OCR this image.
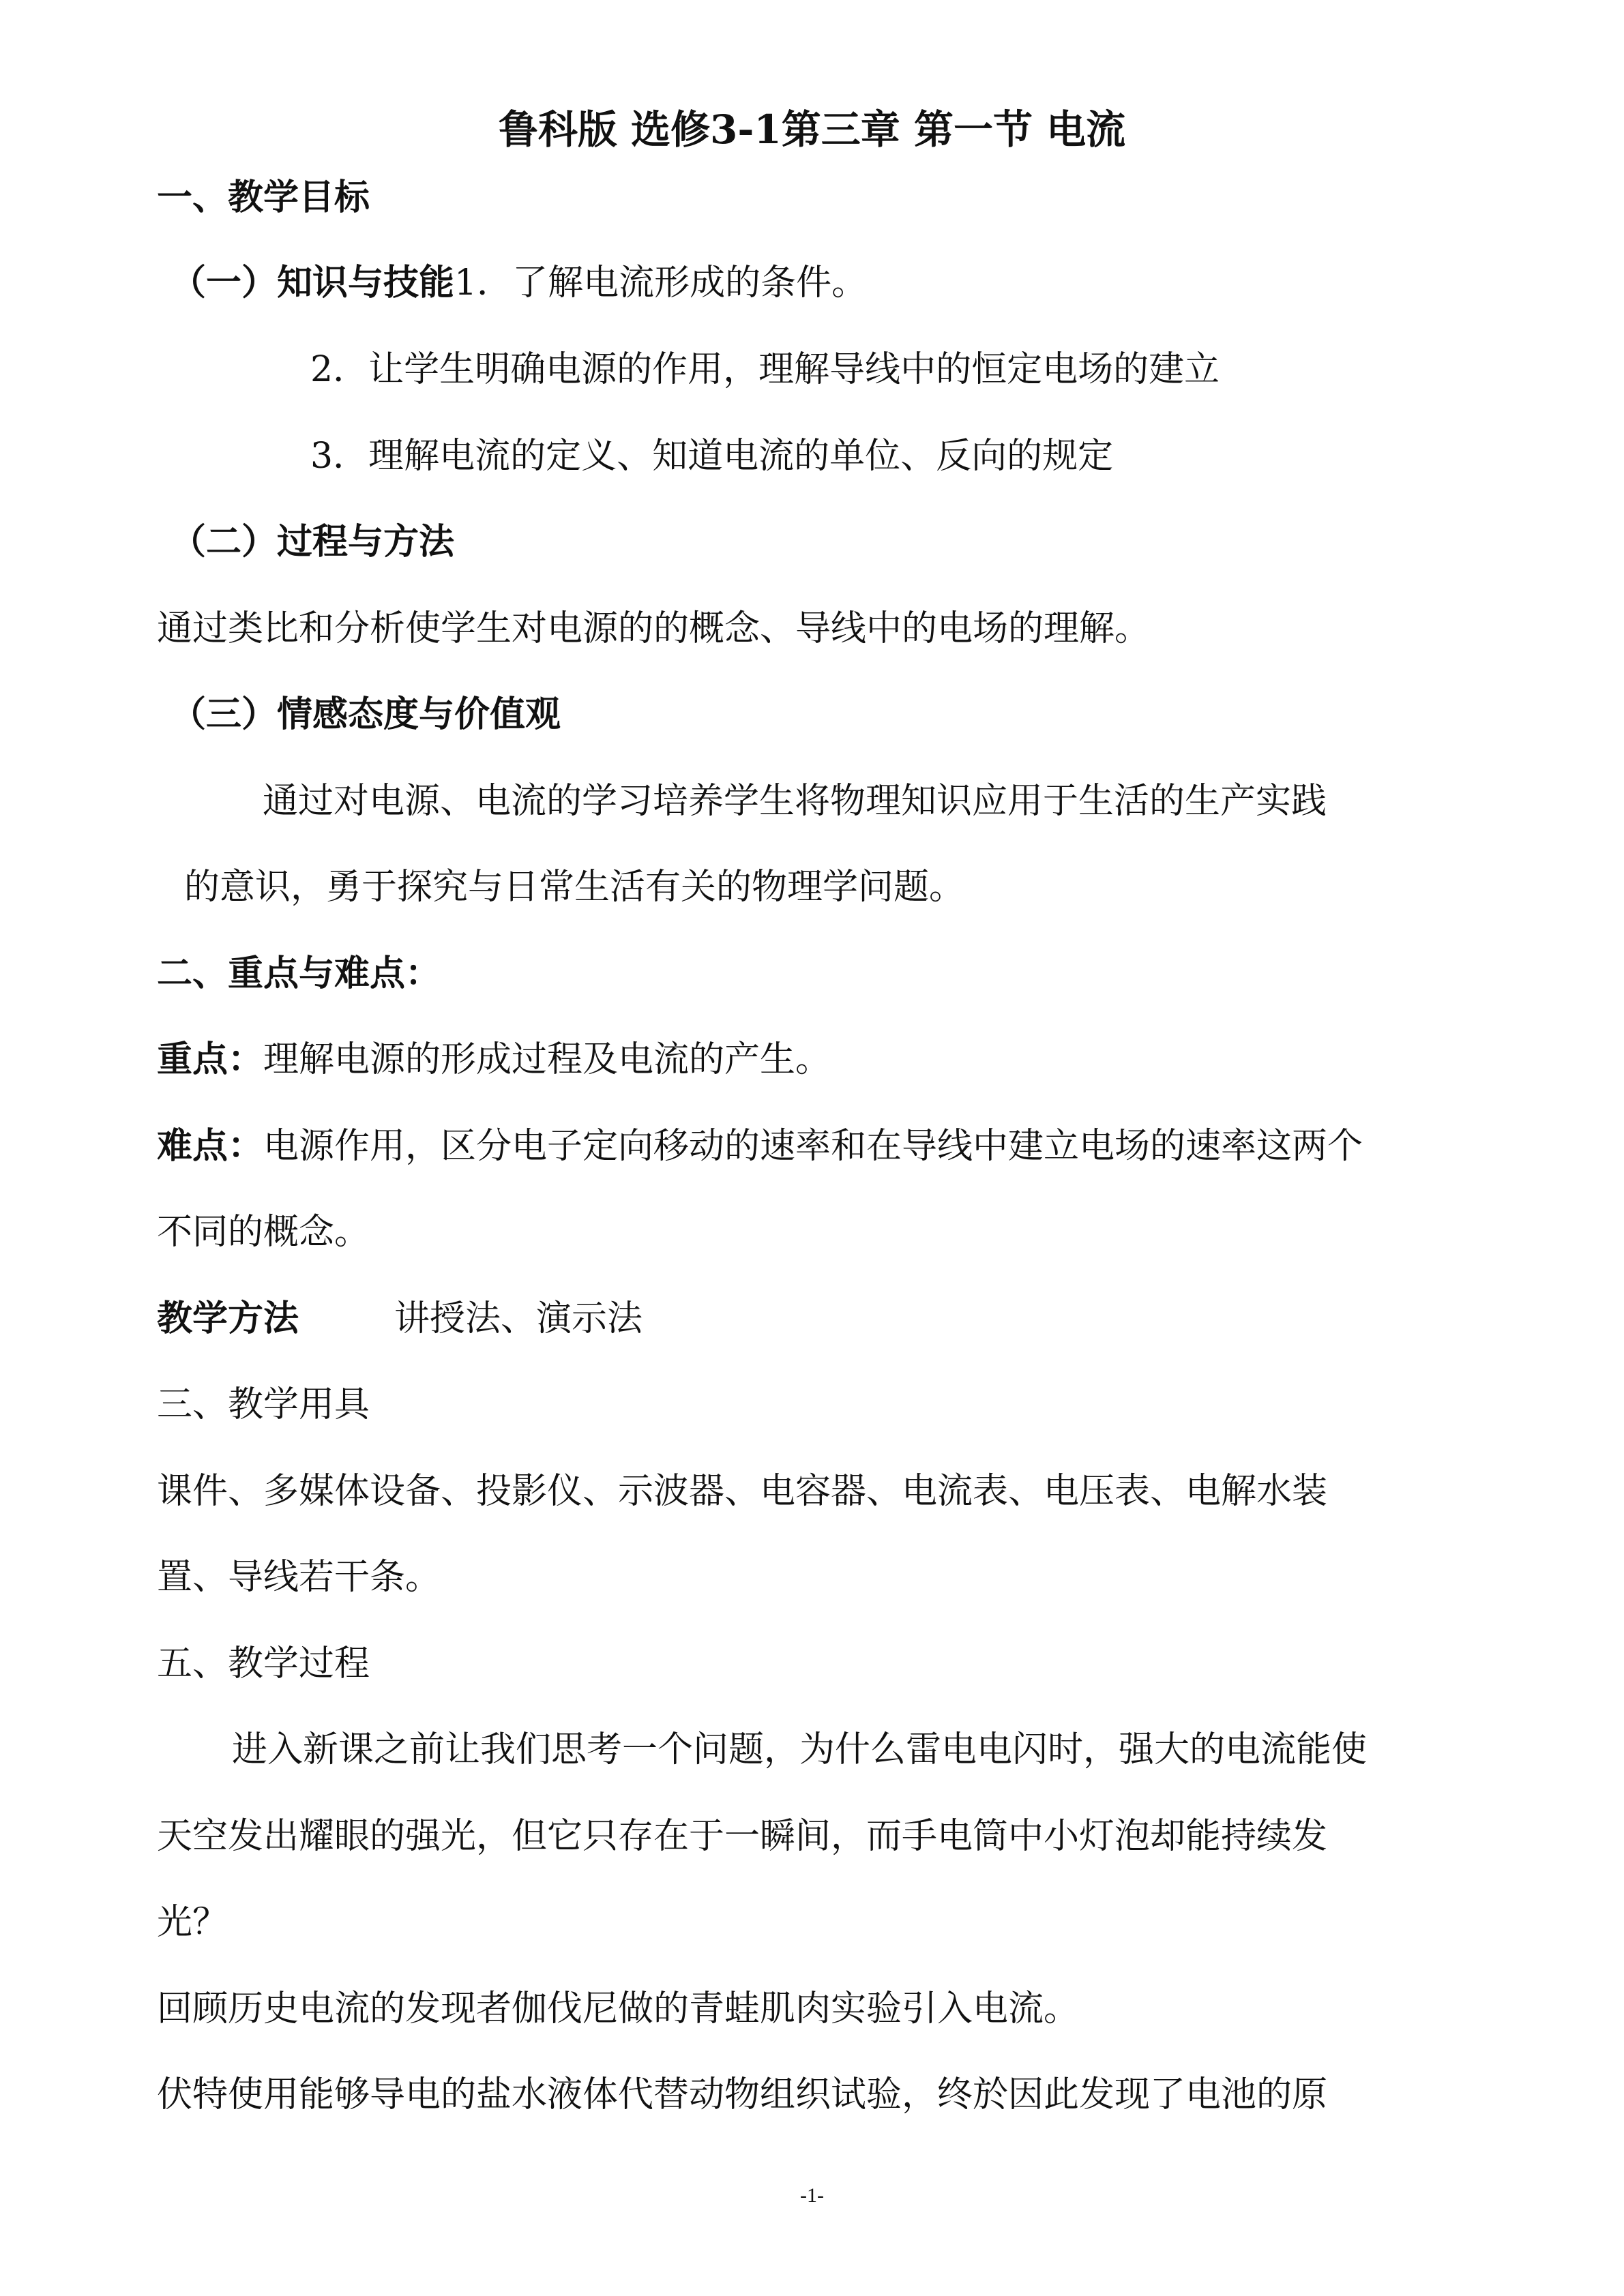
鲁科版 选修3-1第三章 第一节 电流
一、教学目标
（一）知识与技能1．了解电流形成的条件。
2．让学生明确电源的作用，理解导线中的恒定电场的建立
3．理解电流的定义、知道电流的单位、反向的规定
（二）过程与方法
通过类比和分析使学生对电源的的概念、导线中的电场的理解。
（三）情感态度与价值观
通过对电源、电流的学习培养学生将物理知识应用于生活的生产实践
的意识，勇于探究与日常生活有关的物理学问题。
二、重点与难点：
重点：理解电源的形成过程及电流的产生。
难点：电源作用，区分电子定向移动的速率和在导线中建立电场的速率这两个
不同的概念。
教学方法	讲授法、演示法
三、教学用具
课件、多媒体设备、投影仪、示波器、电容器、电流表、电压表、电解水装
置、导线若干条。
五、教学过程
进入新课之前让我们思考一个问题，为什么雷电电闪时，强大的电流能使
天空发出耀眼的强光，但它只存在于一瞬间，而手电筒中小灯泡却能持续发
光？
回顾历史电流的发现者伽伐尼做的青蛙肌肉实验引入电流。
伏特使用能够导电的盐水液体代替动物组织试验，终於因此发现了电池的原
-1-
